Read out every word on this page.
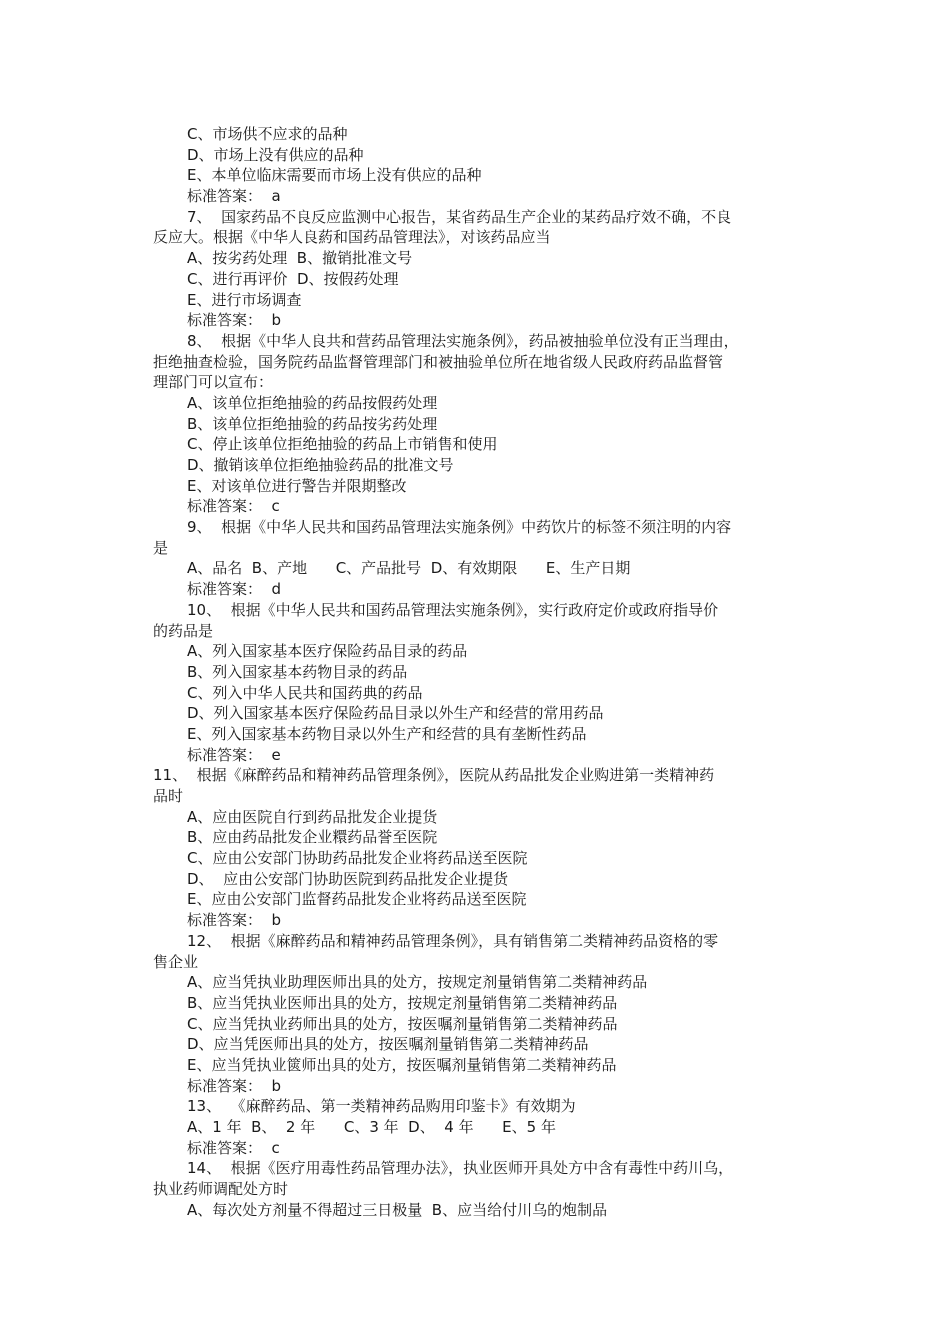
C、市场供不应求的品种
D、市场上没有供应的品种
E、本单位临床需要而市场上没有供应的品种
标准答案：  a
7、  国家药品不良反应监测中心报告，某省药品生产企业的某药品疗效不确，不良
反应大。根据《中华人良葯和国药品管理法》，对该药品应当
A、按劣药处理  B、撤销批准文号
C、进行再评价  D、按假药处理
E、进行市场调查
标准答案：  b
8、  根据《中华人良共和营药品管理法实施条例》，药品被抽验单位没有正当理由，
拒绝抽查检验，国务院药品监督管理部门和被抽验单位所在地省级人民政府药品监督管
理部门可以宣布：
A、该单位拒绝抽验的药品按假药处理
B、该单位拒绝抽验的药品按劣药处理
C、停止该单位拒绝抽验的药品上市销售和使用
D、撤销该单位拒绝抽验药品的批准文号
E、对该单位进行警告并限期整改
标准答案：  c
9、  根据《中华人民共和国药品管理法实施条例》中药饮片的标签不须注明的内容
是
A、品名  B、产地      C、产品批号  D、有效期限      E、生产日期
标准答案：  d
10、  根据《中华人民共和国药品管理法实施条例》，实行政府定价或政府指导价
的药品是
A、列入国家基本医疗保险药品目录的药品
B、列入国家基本药物目录的药品
C、列入中华人民共和国药典的药品
D、列入国家基本医疗保险药品目录以外生产和经营的常用药品
E、列入国家基本药物目录以外生产和经营的具有垄断性药品
标准答案：  e
11、  根据《麻醉药品和精神药品管理条例》，医院从药品批发企业购进第一类精神药
品时
A、应由医院自行到药品批发企业提货
B、应由药品批发企业糫药品誉至医院
C、应由公安部门协助药品批发企业将药品送至医院
D、  应由公安部门协助医院到药品批发企业提货
E、应由公安部门监督药品批发企业将药品送至医院
标准答案：  b
12、  根据《麻醉药品和精神药品管理条例》，具有销售第二类精神药品资格的零
售企业
A、应当凭执业助理医师出具的处方，按规定剂量销售第二类精神药品
B、应当凭执业医师出具的处方，按规定剂量销售第二类精神药品
C、应当凭执业药师出具的处方，按医嘱剂量销售第二类精神药品
D、应当凭医师出具的处方，按医嘱剂量销售第二类精神药品
E、应当凭执业篋师出具的处方，按医嘱剂量销售第二类精神药品
标准答案：  b
13、  《麻醉药品、第一类精神药品购用印鉴卡》有效期为
A、1 年  B、  2 年      C、3 年  D、  4 年      E、5 年
标准答案：  c
14、  根据《医疗用毒性药品管理办法》，执业医师开具处方中含有毒性中药川乌，
执业药师调配处方时
A、每次处方剂量不得超过三日极量  B、应当给付川乌的炮制品
